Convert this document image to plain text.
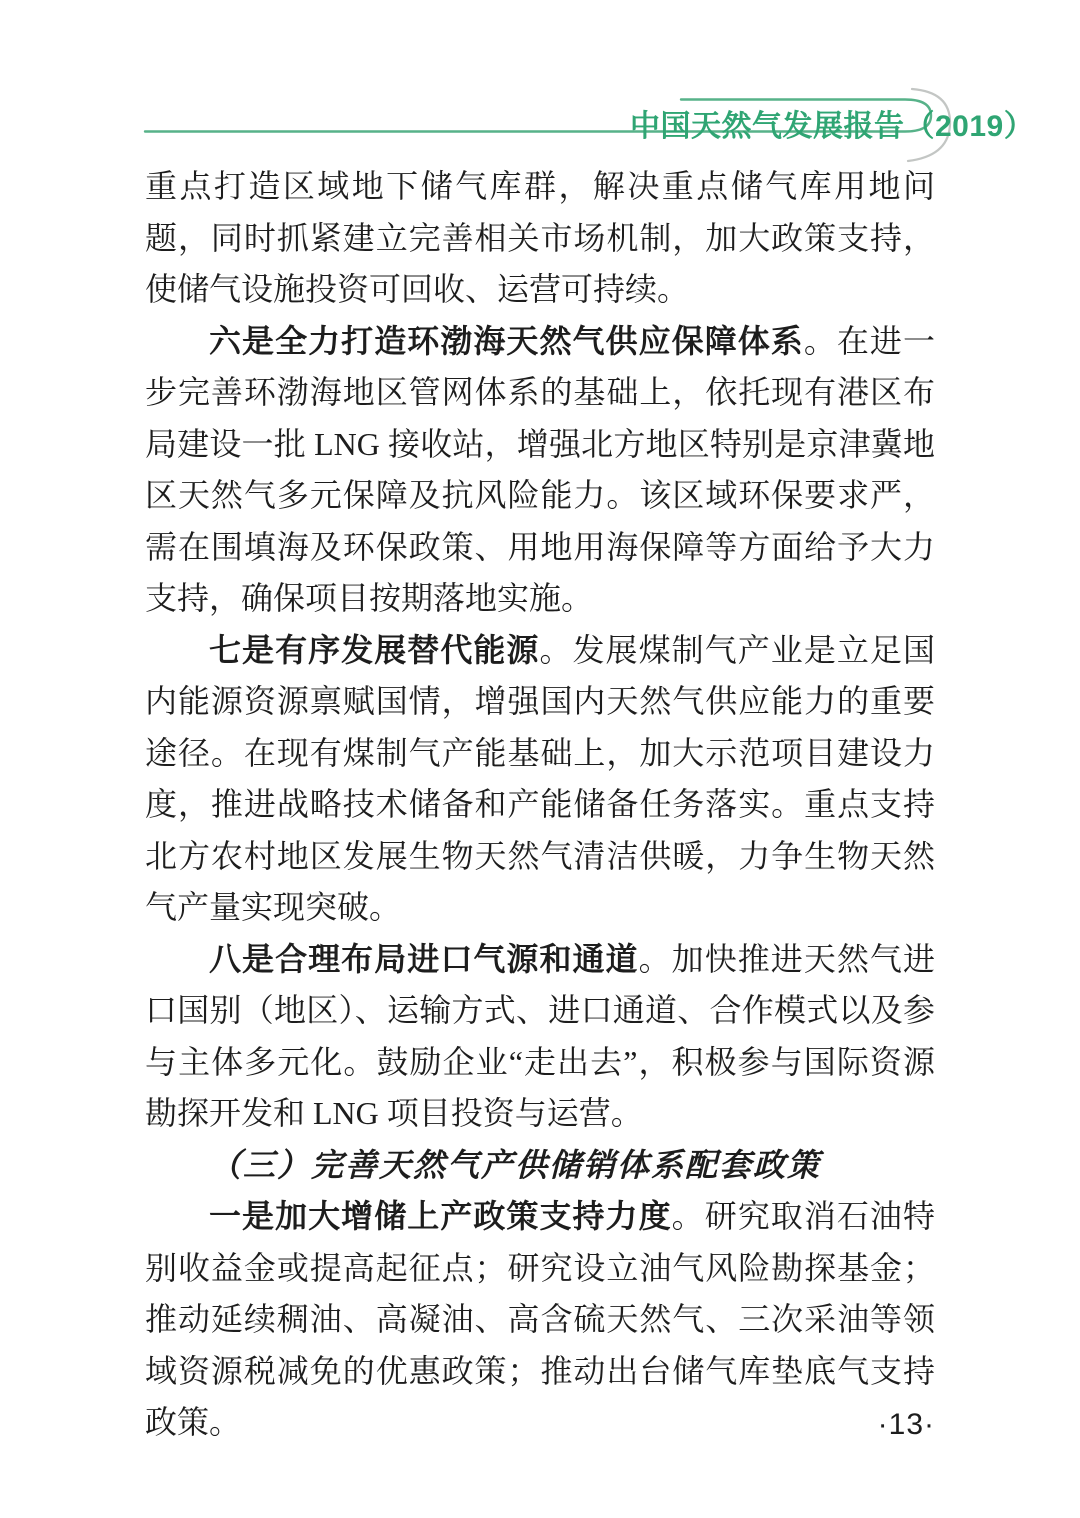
中国天然气发展报告（2019）

重点打造区域地下储气库群，解决重点储气库用地问题，同时抓紧建立完善相关市场机制，加大政策支持，使储气设施投资可回收、运营可持续。

六是全力打造环渤海天然气供应保障体系。在进一步完善环渤海地区管网体系的基础上，依托现有港区布局建设一批 LNG 接收站，增强北方地区特别是京津冀地区天然气多元保障及抗风险能力。该区域环保要求严，需在围填海及环保政策、用地用海保障等方面给予大力支持，确保项目按期落地实施。

七是有序发展替代能源。发展煤制气产业是立足国内能源资源禀赋国情，增强国内天然气供应能力的重要途径。在现有煤制气产能基础上，加大示范项目建设力度，推进战略技术储备和产能储备任务落实。重点支持北方农村地区发展生物天然气清洁供暖，力争生物天然气产量实现突破。

八是合理布局进口气源和通道。加快推进天然气进口国别（地区）、运输方式、进口通道、合作模式以及参与主体多元化。鼓励企业“走出去”，积极参与国际资源勘探开发和 LNG 项目投资与运营。

（三）完善天然气产供储销体系配套政策

一是加大增储上产政策支持力度。研究取消石油特别收益金或提高起征点；研究设立油气风险勘探基金；推动延续稠油、高凝油、高含硫天然气、三次采油等领域资源税减免的优惠政策；推动出台储气库垫底气支持政策。	·13·
